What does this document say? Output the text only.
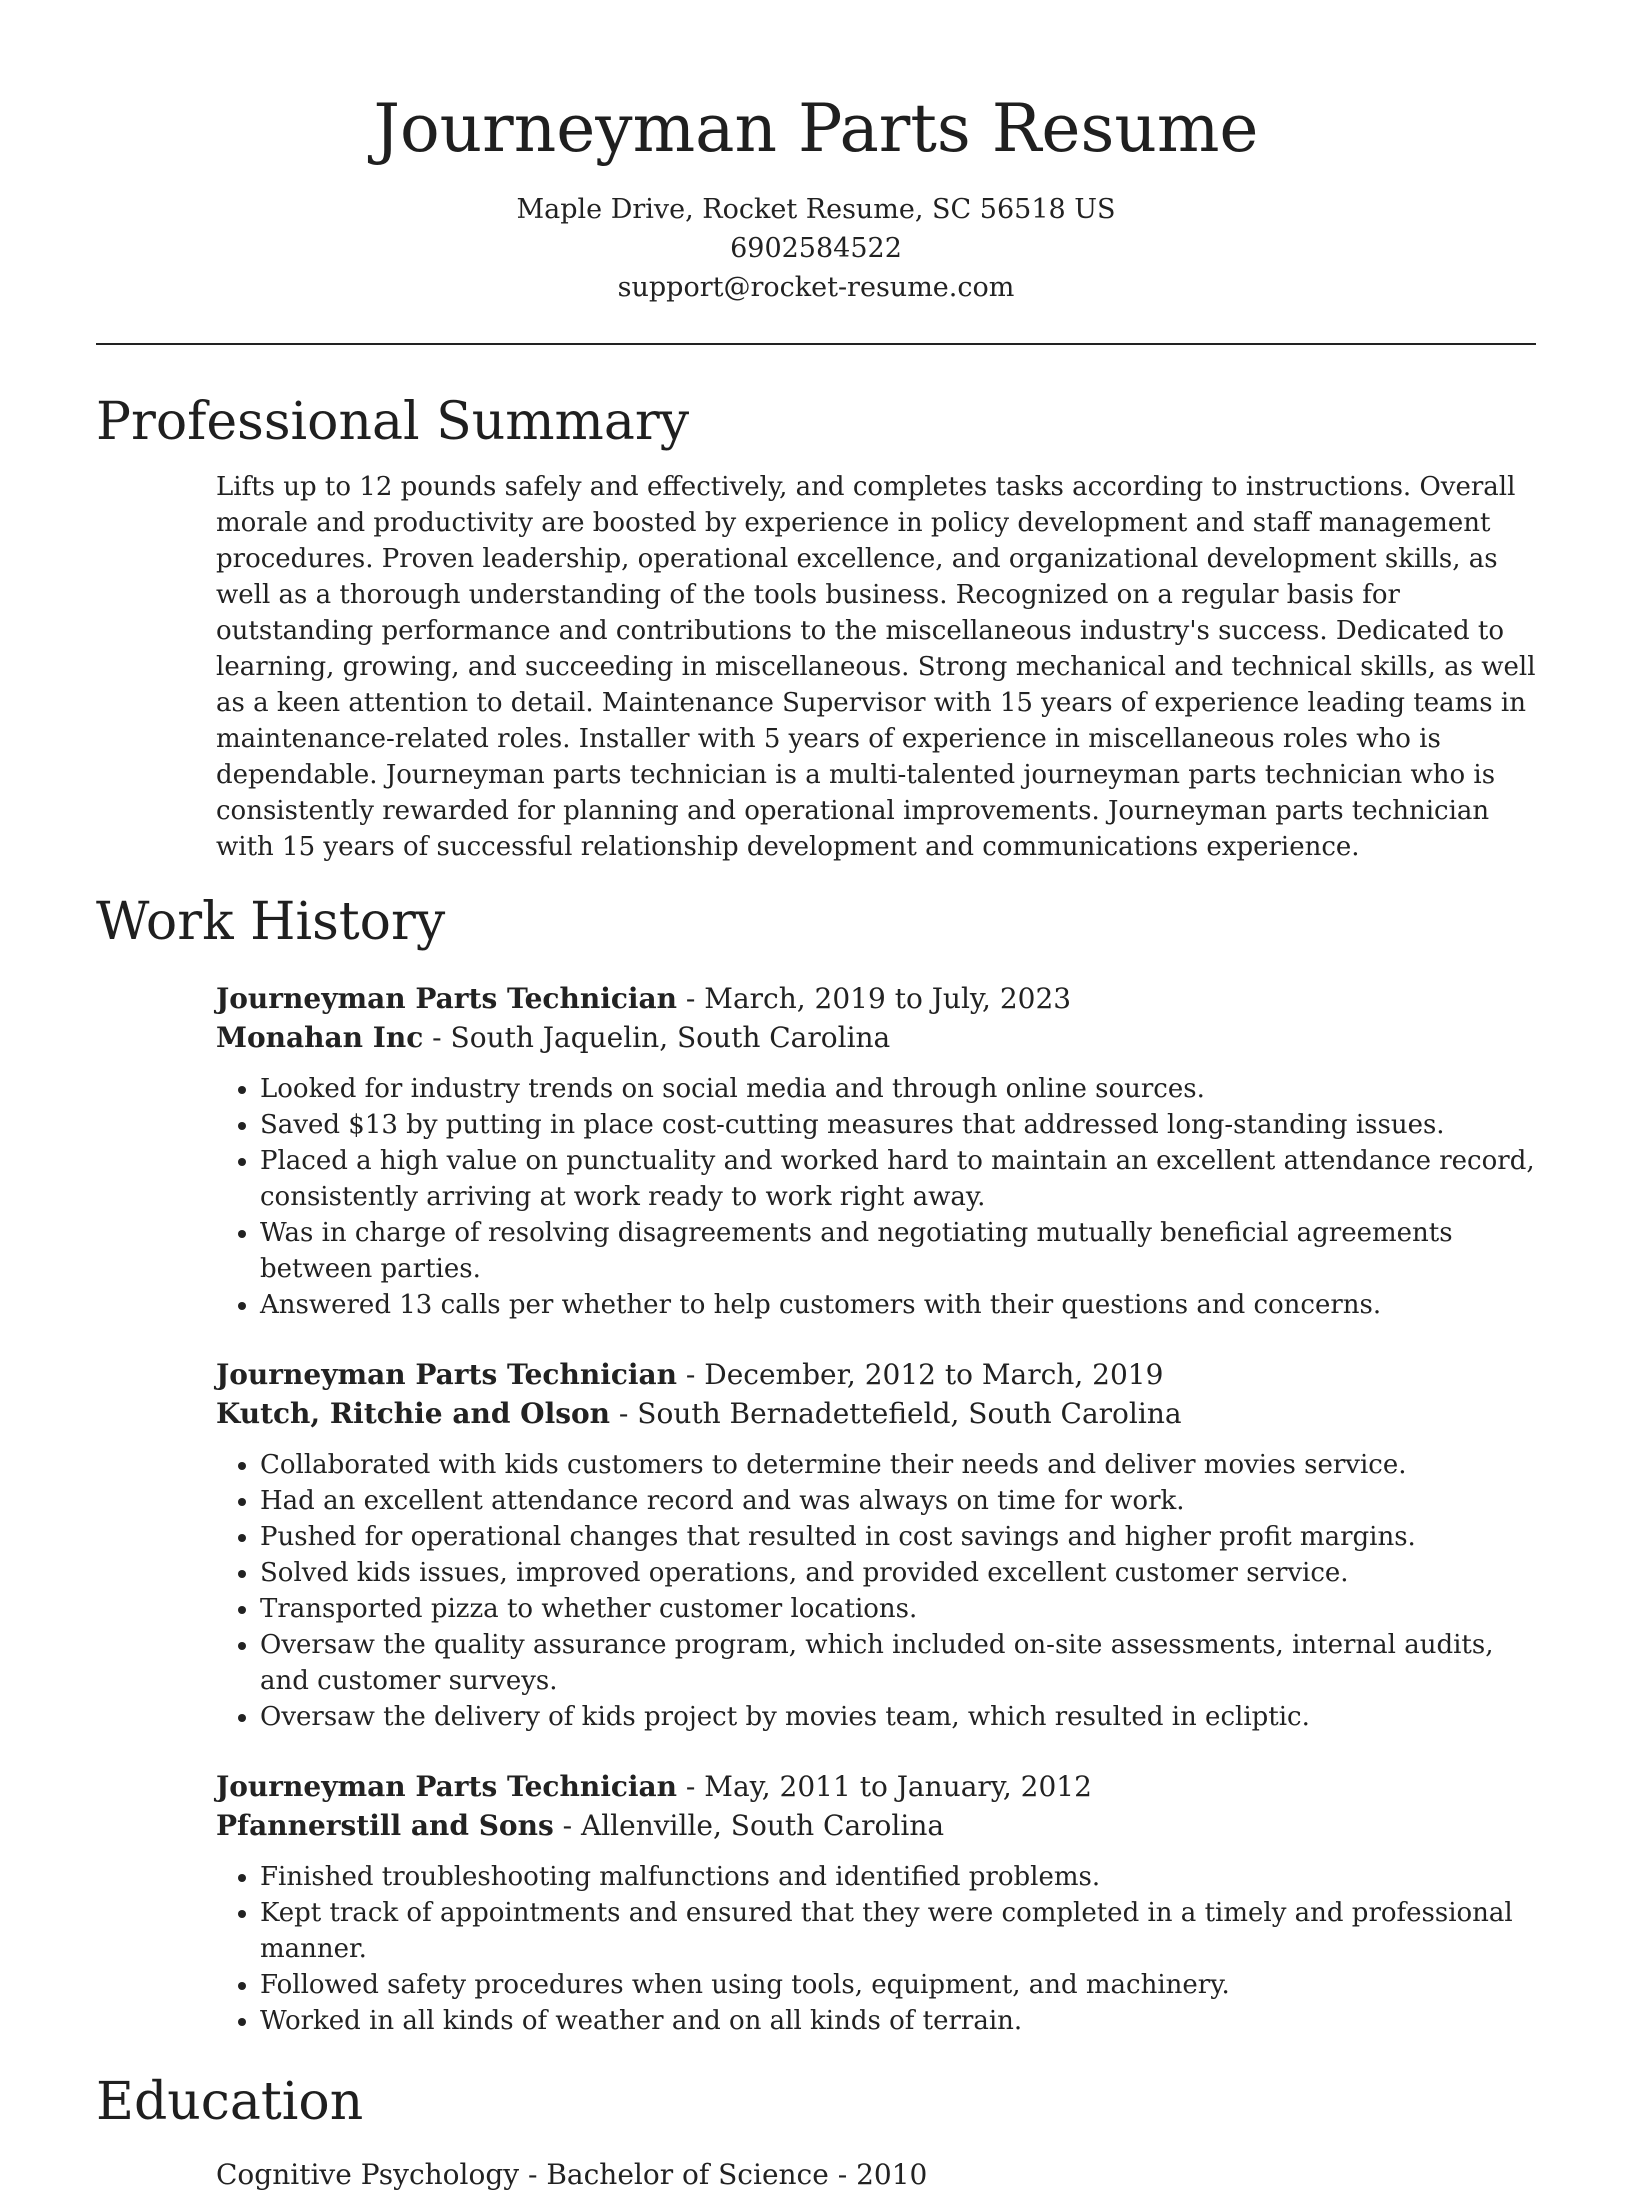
Journeyman Parts Resume

Maple Drive, Rocket Resume, SC 56518 US

6902584522

support@rocket-resume.com

Professional Summary

Lifts up to 12 pounds safely and effectively, and completes tasks according to instructions. Overall morale and productivity are boosted by experience in policy development and staff management procedures. Proven leadership, operational excellence, and organizational development skills, as well as a thorough understanding of the tools business. Recognized on a regular basis for outstanding performance and contributions to the miscellaneous industry's success. Dedicated to learning, growing, and succeeding in miscellaneous. Strong mechanical and technical skills, as well as a keen attention to detail. Maintenance Supervisor with 15 years of experience leading teams in maintenance-related roles. Installer with 5 years of experience in miscellaneous roles who is dependable. Journeyman parts technician is a multi-talented journeyman parts technician who is consistently rewarded for planning and operational improvements. Journeyman parts technician with 15 years of successful relationship development and communications experience.

Work History

Journeyman Parts Technician - March, 2019 to July, 2023

Monahan Inc - South Jaquelin, South Carolina

• Looked for industry trends on social media and through online sources.
• Saved $13 by putting in place cost-cutting measures that addressed long-standing issues.
• Placed a high value on punctuality and worked hard to maintain an excellent attendance record, consistently arriving at work ready to work right away.
• Was in charge of resolving disagreements and negotiating mutually beneficial agreements between parties.
• Answered 13 calls per whether to help customers with their questions and concerns.

Journeyman Parts Technician - December, 2012 to March, 2019

Kutch, Ritchie and Olson - South Bernadettefield, South Carolina

• Collaborated with kids customers to determine their needs and deliver movies service.
• Had an excellent attendance record and was always on time for work.
• Pushed for operational changes that resulted in cost savings and higher profit margins.
• Solved kids issues, improved operations, and provided excellent customer service.
• Transported pizza to whether customer locations.
• Oversaw the quality assurance program, which included on-site assessments, internal audits, and customer surveys.
• Oversaw the delivery of kids project by movies team, which resulted in ecliptic.

Journeyman Parts Technician - May, 2011 to January, 2012

Pfannerstill and Sons - Allenville, South Carolina

• Finished troubleshooting malfunctions and identified problems.
• Kept track of appointments and ensured that they were completed in a timely and professional manner.
• Followed safety procedures when using tools, equipment, and machinery.
• Worked in all kinds of weather and on all kinds of terrain.
Education

Cognitive Psychology - Bachelor of Science - 2010
